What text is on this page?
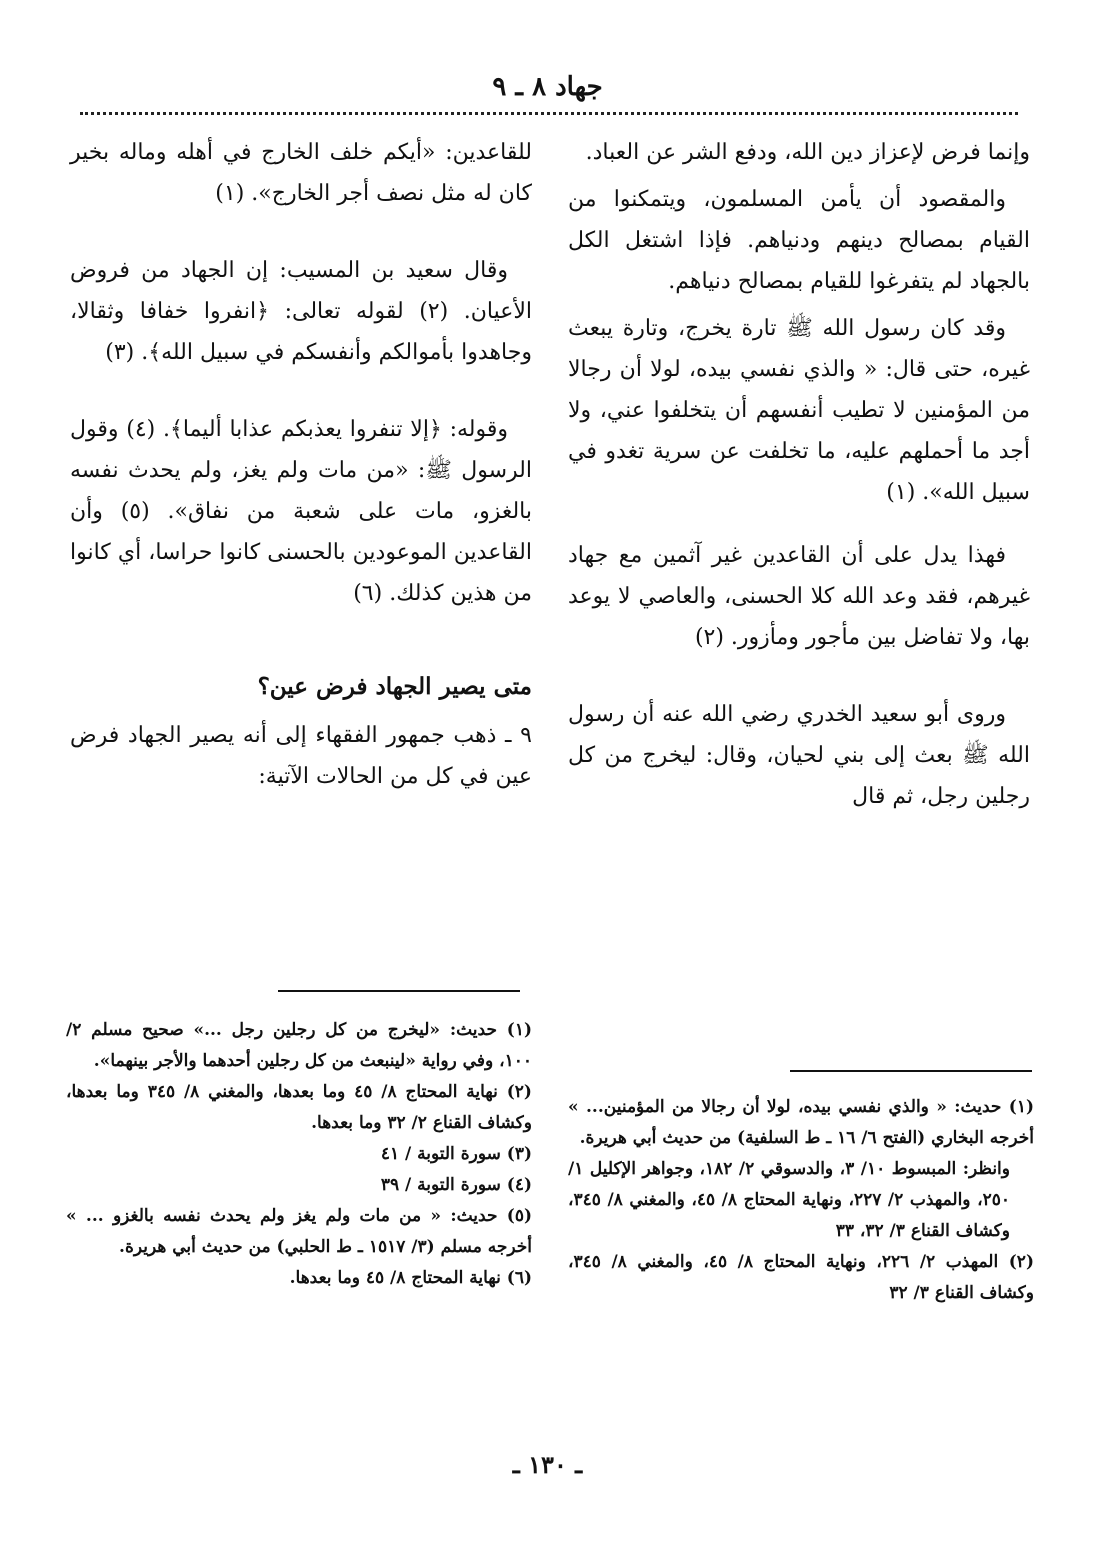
جهاد ٨ ـ ٩

وإنما فرض لإعزاز دين الله، ودفع الشر عن العباد.

والمقصود أن يأمن المسلمون، ويتمكنوا من القيام بمصالح دينهم ودنياهم. فإذا اشتغل الكل بالجهاد لم يتفرغوا للقيام بمصالح دنياهم.

وقد كان رسول الله ﷺ تارة يخرج، وتارة يبعث غيره، حتى قال: « والذي نفسي بيده، لولا أن رجالا من المؤمنين لا تطيب أنفسهم أن يتخلفوا عني، ولا أجد ما أحملهم عليه، ما تخلفت عن سرية تغدو في سبيل الله». (١)

فهذا يدل على أن القاعدين غير آثمين مع جهاد غيرهم، فقد وعد الله كلا الحسنى، والعاصي لا يوعد بها، ولا تفاضل بين مأجور ومأزور. (٢)

وروى أبو سعيد الخدري رضي الله عنه أن رسول الله ﷺ بعث إلى بني لحيان، وقال: ليخرج من كل رجلين رجل، ثم قال

(١) حديث: « والذي نفسي بيده، لولا أن رجالا من المؤمنين... » أخرجه البخاري (الفتح ٦/ ١٦ ـ ط السلفية) من حديث أبي هريرة.

وانظر: المبسوط ١٠/ ٣، والدسوقي ٢/ ١٨٢، وجواهر الإكليل ١/ ٢٥٠، والمهذب ٢/ ٢٢٧، ونهاية المحتاج ٨/ ٤٥، والمغني ٨/ ٣٤٥، وكشاف القناع ٣/ ٣٢، ٣٣

(٢) المهذب ٢/ ٢٢٦، ونهاية المحتاج ٨/ ٤٥، والمغني ٨/ ٣٤٥، وكشاف القناع ٣/ ٣٢

للقاعدين: «أيكم خلف الخارج في أهله وماله بخير كان له مثل نصف أجر الخارج». (١)

وقال سعيد بن المسيب: إن الجهاد من فروض الأعيان. (٢) لقوله تعالى: ﴿انفروا خفافا وثقالا، وجاهدوا بأموالكم وأنفسكم في سبيل الله﴾. (٣)

وقوله: ﴿إلا تنفروا يعذبكم عذابا أليما﴾. (٤) وقول الرسول ﷺ: «من مات ولم يغز، ولم يحدث نفسه بالغزو، مات على شعبة من نفاق». (٥) وأن القاعدين الموعودين بالحسنى كانوا حراسا، أي كانوا من هذين كذلك. (٦)

متى يصير الجهاد فرض عين؟

٩ ـ ذهب جمهور الفقهاء إلى أنه يصير الجهاد فرض عين في كل من الحالات الآتية:

(١) حديث: «ليخرج من كل رجلين رجل ...» صحيح مسلم ٢/ ١٠٠، وفي رواية «لينبعث من كل رجلين أحدهما والأجر بينهما».

(٢) نهاية المحتاج ٨/ ٤٥ وما بعدها، والمغني ٨/ ٣٤٥ وما بعدها، وكشاف القناع ٢/ ٣٢ وما بعدها.

(٣) سورة التوبة / ٤١

(٤) سورة التوبة / ٣٩

(٥) حديث: « من مات ولم يغز ولم يحدث نفسه بالغزو ... » أخرجه مسلم (٣/ ١٥١٧ ـ ط الحلبي) من حديث أبي هريرة.

(٦) نهاية المحتاج ٨/ ٤٥ وما بعدها.

ـ ١٣٠ ـ
